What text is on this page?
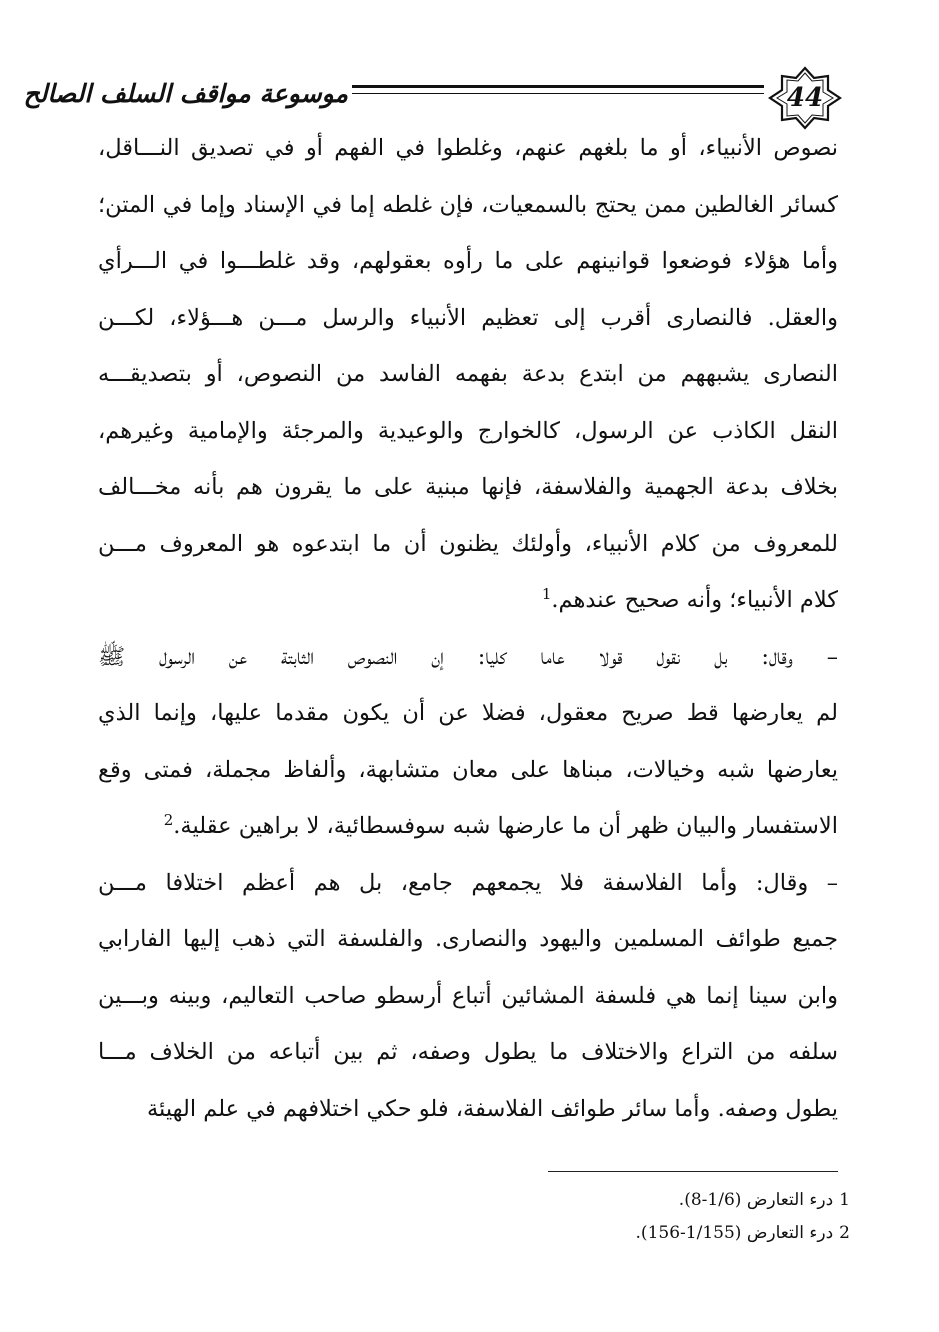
44
موسوعة مواقف السلف الصالح

نصوص الأنبياء، أو ما بلغهم عنهم، وغلطوا في الفهم أو في تصديق النـــاقل،

كسائر الغالطين ممن يحتج بالسمعيات، فإن غلطه إما في الإسناد وإما في المتن؛

وأما هؤلاء فوضعوا قوانينهم على ما رأوه بعقولهم، وقد غلطـــوا في الـــرأي

والعقل. فالنصارى أقرب إلى تعظيم الأنبياء والرسل مـــن هـــؤلاء، لكـــن

النصارى يشبههم من ابتدع بدعة بفهمه الفاسد من النصوص، أو بتصديقـــه

النقل الكاذب عن الرسول، كالخوارج والوعيدية والمرجئة والإمامية وغيرهم،

بخلاف بدعة الجهمية والفلاسفة، فإنها مبنية على ما يقرون هم بأنه مخـــالف

للمعروف من كلام الأنبياء، وأولئك يظنون أن ما ابتدعوه هو المعروف مـــن

كلام الأنبياء؛ وأنه صحيح عندهم.$^1$

– وقال: بل نقول قولا عاما كليا: إن النصوص الثابتة عن الرسول ﷺ

لم يعارضها قط صريح معقول، فضلا عن أن يكون مقدما عليها، وإنما الذي

يعارضها شبه وخيالات، مبناها على معان متشابهة، وألفاظ مجملة، فمتى وقع

الاستفسار والبيان ظهر أن ما عارضها شبه سوفسطائية، لا براهين عقلية.$^2$

– وقال: وأما الفلاسفة فلا يجمعهم جامع، بل هم أعظم اختلافا مـــن

جميع طوائف المسلمين واليهود والنصارى. والفلسفة التي ذهب إليها الفارابي

وابن سينا إنما هي فلسفة المشائين أتباع أرسطو صاحب التعاليم، وبينه وبـــين

سلفه من التراع والاختلاف ما يطول وصفه، ثم بين أتباعه من الخلاف مـــا

يطول وصفه. وأما سائر طوائف الفلاسفة، فلو حكي اختلافهم في علم الهيئة

1درء التعارض (1/6-8).

2درء التعارض (1/155-156).
